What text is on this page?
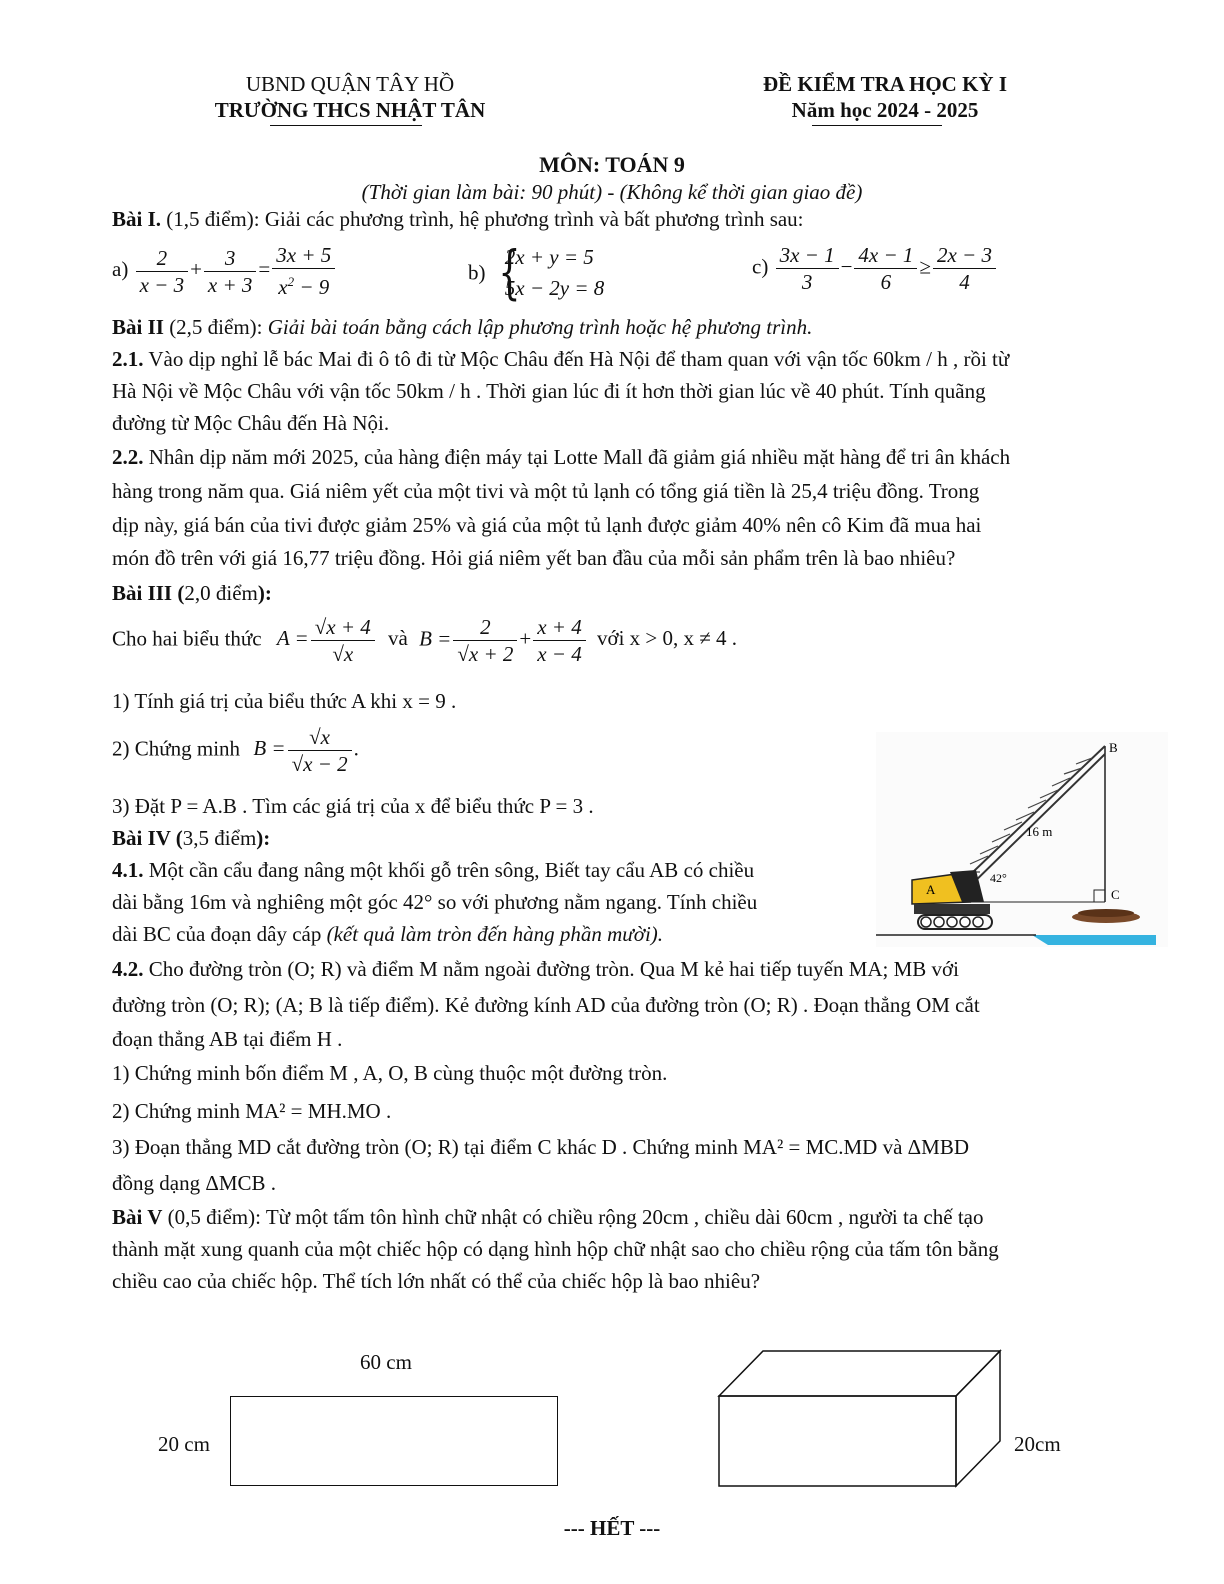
UBND QUẬN TÂY HỒ
TRƯỜNG THCS NHẬT TÂN
ĐỀ KIỂM TRA HỌC KỲ I
Năm học 2024 - 2025
MÔN: TOÁN 9
(Thời gian làm bài: 90 phút) - (Không kể thời gian giao đề)
Bài I. (1,5 điểm): Giải các phương trình, hệ phương trình và bất phương trình sau:
$a) \frac{2}{x - 3} + \frac{3}{x + 3} = \frac{3x + 5}{x^2 - 9}$	b) {
2x + y = 5
5x − 2y = 8
$c) \frac{3x - 1}{3} - \frac{4x - 1}{6} \ge \frac{2x - 3}{4}$
Bài II (2,5 điểm): Giải bài toán bằng cách lập phương trình hoặc hệ phương trình.
2.1. Vào dịp nghỉ lễ bác Mai đi ô tô đi từ Mộc Châu đến Hà Nội để tham quan với vận tốc 60km / h , rồi từ
Hà Nội về Mộc Châu với vận tốc 50km / h . Thời gian lúc đi ít hơn thời gian lúc về 40 phút. Tính quãng
đường từ Mộc Châu đến Hà Nội.
2.2. Nhân dịp năm mới 2025, của hàng điện máy tại Lotte Mall đã giảm giá nhiều mặt hàng để tri ân khách
hàng trong năm qua. Giá niêm yết của một tivi và một tủ lạnh có tổng giá tiền là 25,4 triệu đồng. Trong
dịp này, giá bán của tivi được giảm 25% và giá của một tủ lạnh được giảm 40% nên cô Kim đã mua hai
món đồ trên với giá 16,77 triệu đồng. Hỏi giá niêm yết ban đầu của mỗi sản phẩm trên là bao nhiêu?
Bài III (2,0 điểm):
Cho hai biểu thức $A = \frac{√x + 4}{√x}$ và $B = \frac{2}{√x + 2} + \frac{x + 4}{x - 4}$ với x > 0, x ≠ 4 .
1) Tính giá trị của biểu thức A khi x = 9 .
2) Chứng minh $B = \frac{√x}{√x - 2}$ .
3) Đặt P = A.B . Tìm các giá trị của x để biểu thức P = 3 .
Bài IV (3,5 điểm):
4.1. Một cần cẩu đang nâng một khối gỗ trên sông, Biết tay cẩu AB có chiều
dài bằng 16m và nghiêng một góc 42° so với phương nằm ngang. Tính chiều
dài BC của đoạn dây cáp (kết quả làm tròn đến hàng phần mười).
B
C
A
16 m
42°
4.2. Cho đường tròn (O; R) và điểm M nằm ngoài đường tròn. Qua M kẻ hai tiếp tuyến MA; MB với
đường tròn (O; R); (A; B là tiếp điểm). Kẻ đường kính AD của đường tròn (O; R) . Đoạn thẳng OM cắt
đoạn thẳng AB tại điểm H .
1) Chứng minh bốn điểm M , A, O, B cùng thuộc một đường tròn.
2) Chứng minh MA² = MH.MO .
3) Đoạn thẳng MD cắt đường tròn (O; R) tại điểm C khác D . Chứng minh MA² = MC.MD và ΔMBD
đồng dạng ΔMCB .
Bài V (0,5 điểm): Từ một tấm tôn hình chữ nhật có chiều rộng 20cm , chiều dài 60cm , người ta chế tạo
thành mặt xung quanh của một chiếc hộp có dạng hình hộp chữ nhật sao cho chiều rộng của tấm tôn bằng
chiều cao của chiếc hộp. Thể tích lớn nhất có thể của chiếc hộp là bao nhiêu?
60 cm
20 cm	20cm
--- HẾT ---
